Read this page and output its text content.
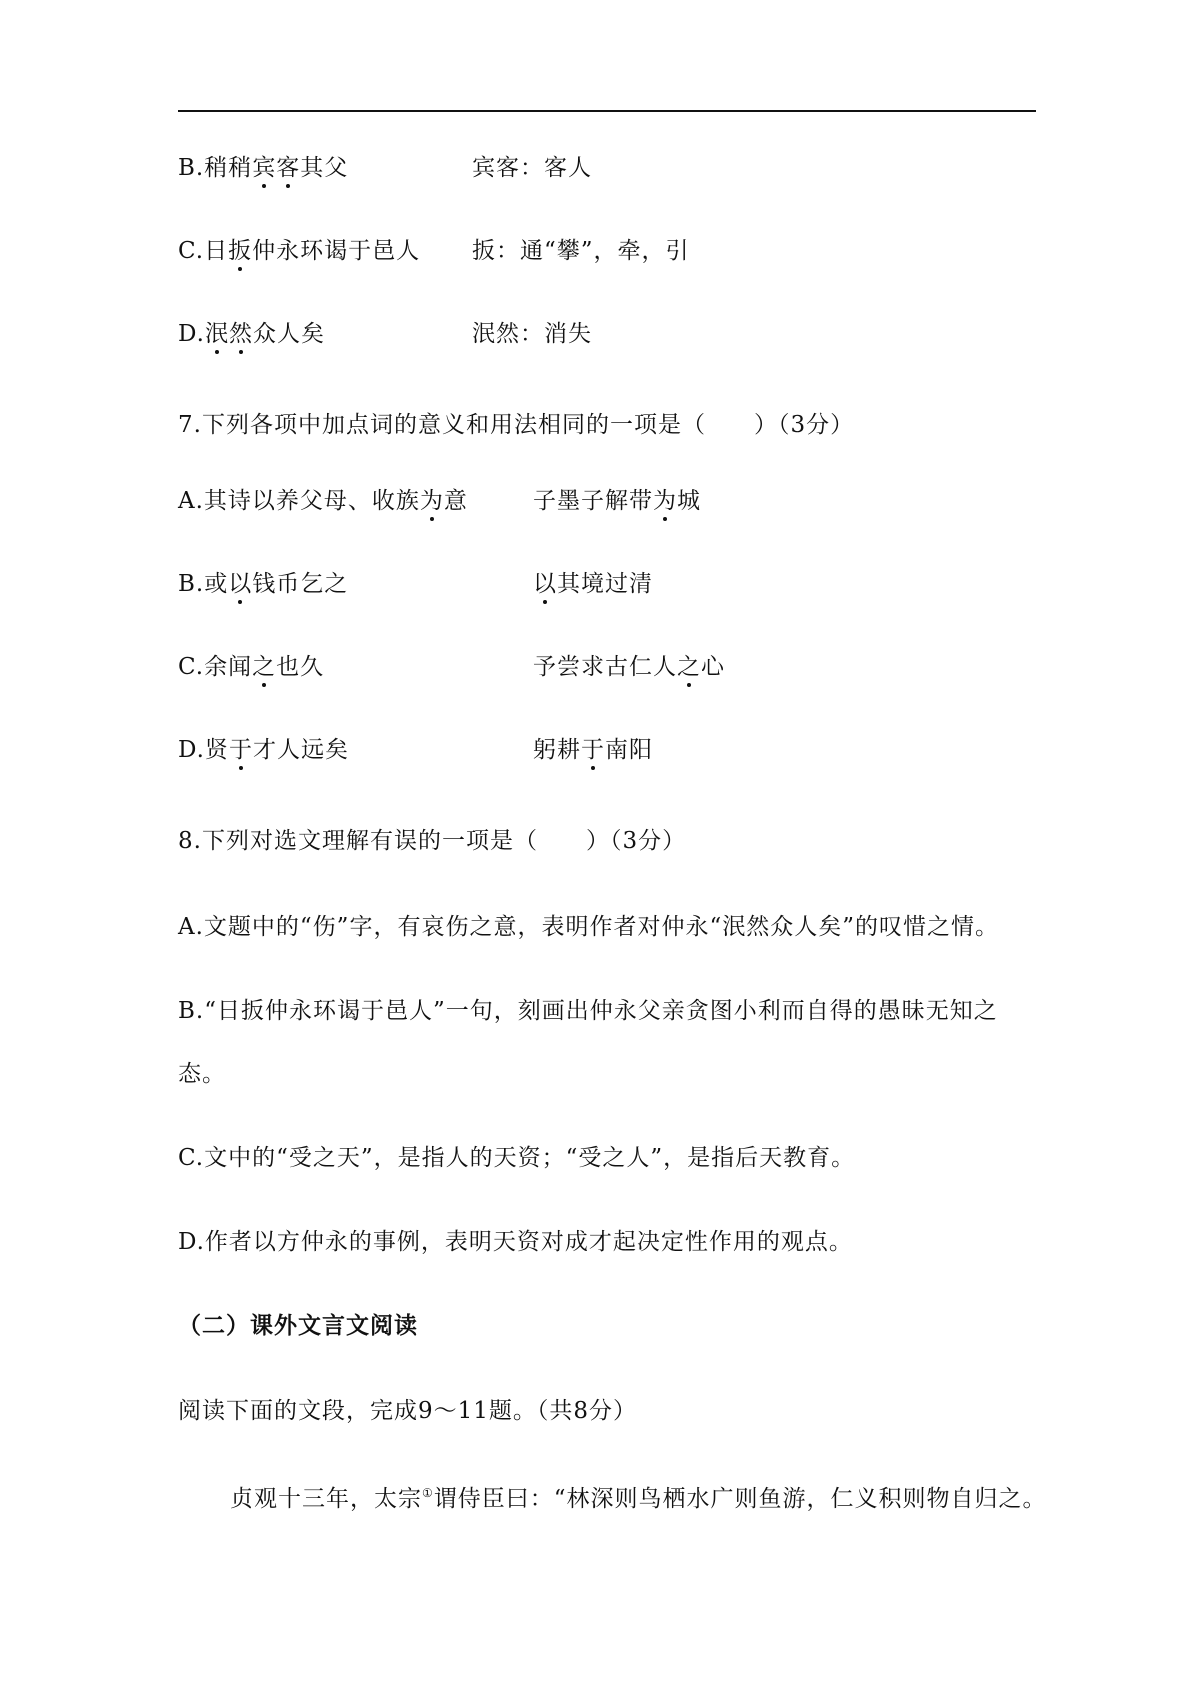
B.稍稍宾客其父	宾客：客人
C.日扳仲永环谒于邑人 扳：通“攀”，牵，引
D.泯然众人矣	泯然：消失
7.下列各项中加点词的意义和用法相同的一项是（　　）（3分）
A.其诗以养父母、收族为意	子墨子解带为城
B.或以钱币乞之	以其境过清
C.余闻之也久	予尝求古仁人之心
D.贤于才人远矣	躬耕于南阳
8.下列对选文理解有误的一项是（　　）（3分）
A.文题中的“伤”字，有哀伤之意，表明作者对仲永“泯然众人矣”的叹惜之情。
B.“日扳仲永环谒于邑人”一句，刻画出仲永父亲贪图小利而自得的愚昧无知之
态。
C.文中的“受之天”，是指人的天资；“受之人”，是指后天教育。
D.作者以方仲永的事例，表明天资对成才起决定性作用的观点。
（二）课外文言文阅读
阅读下面的文段，完成9～11题。（共8分）
贞观十三年，太宗①谓侍臣曰：“林深则鸟栖水广则鱼游，仁义积则物自归之。
